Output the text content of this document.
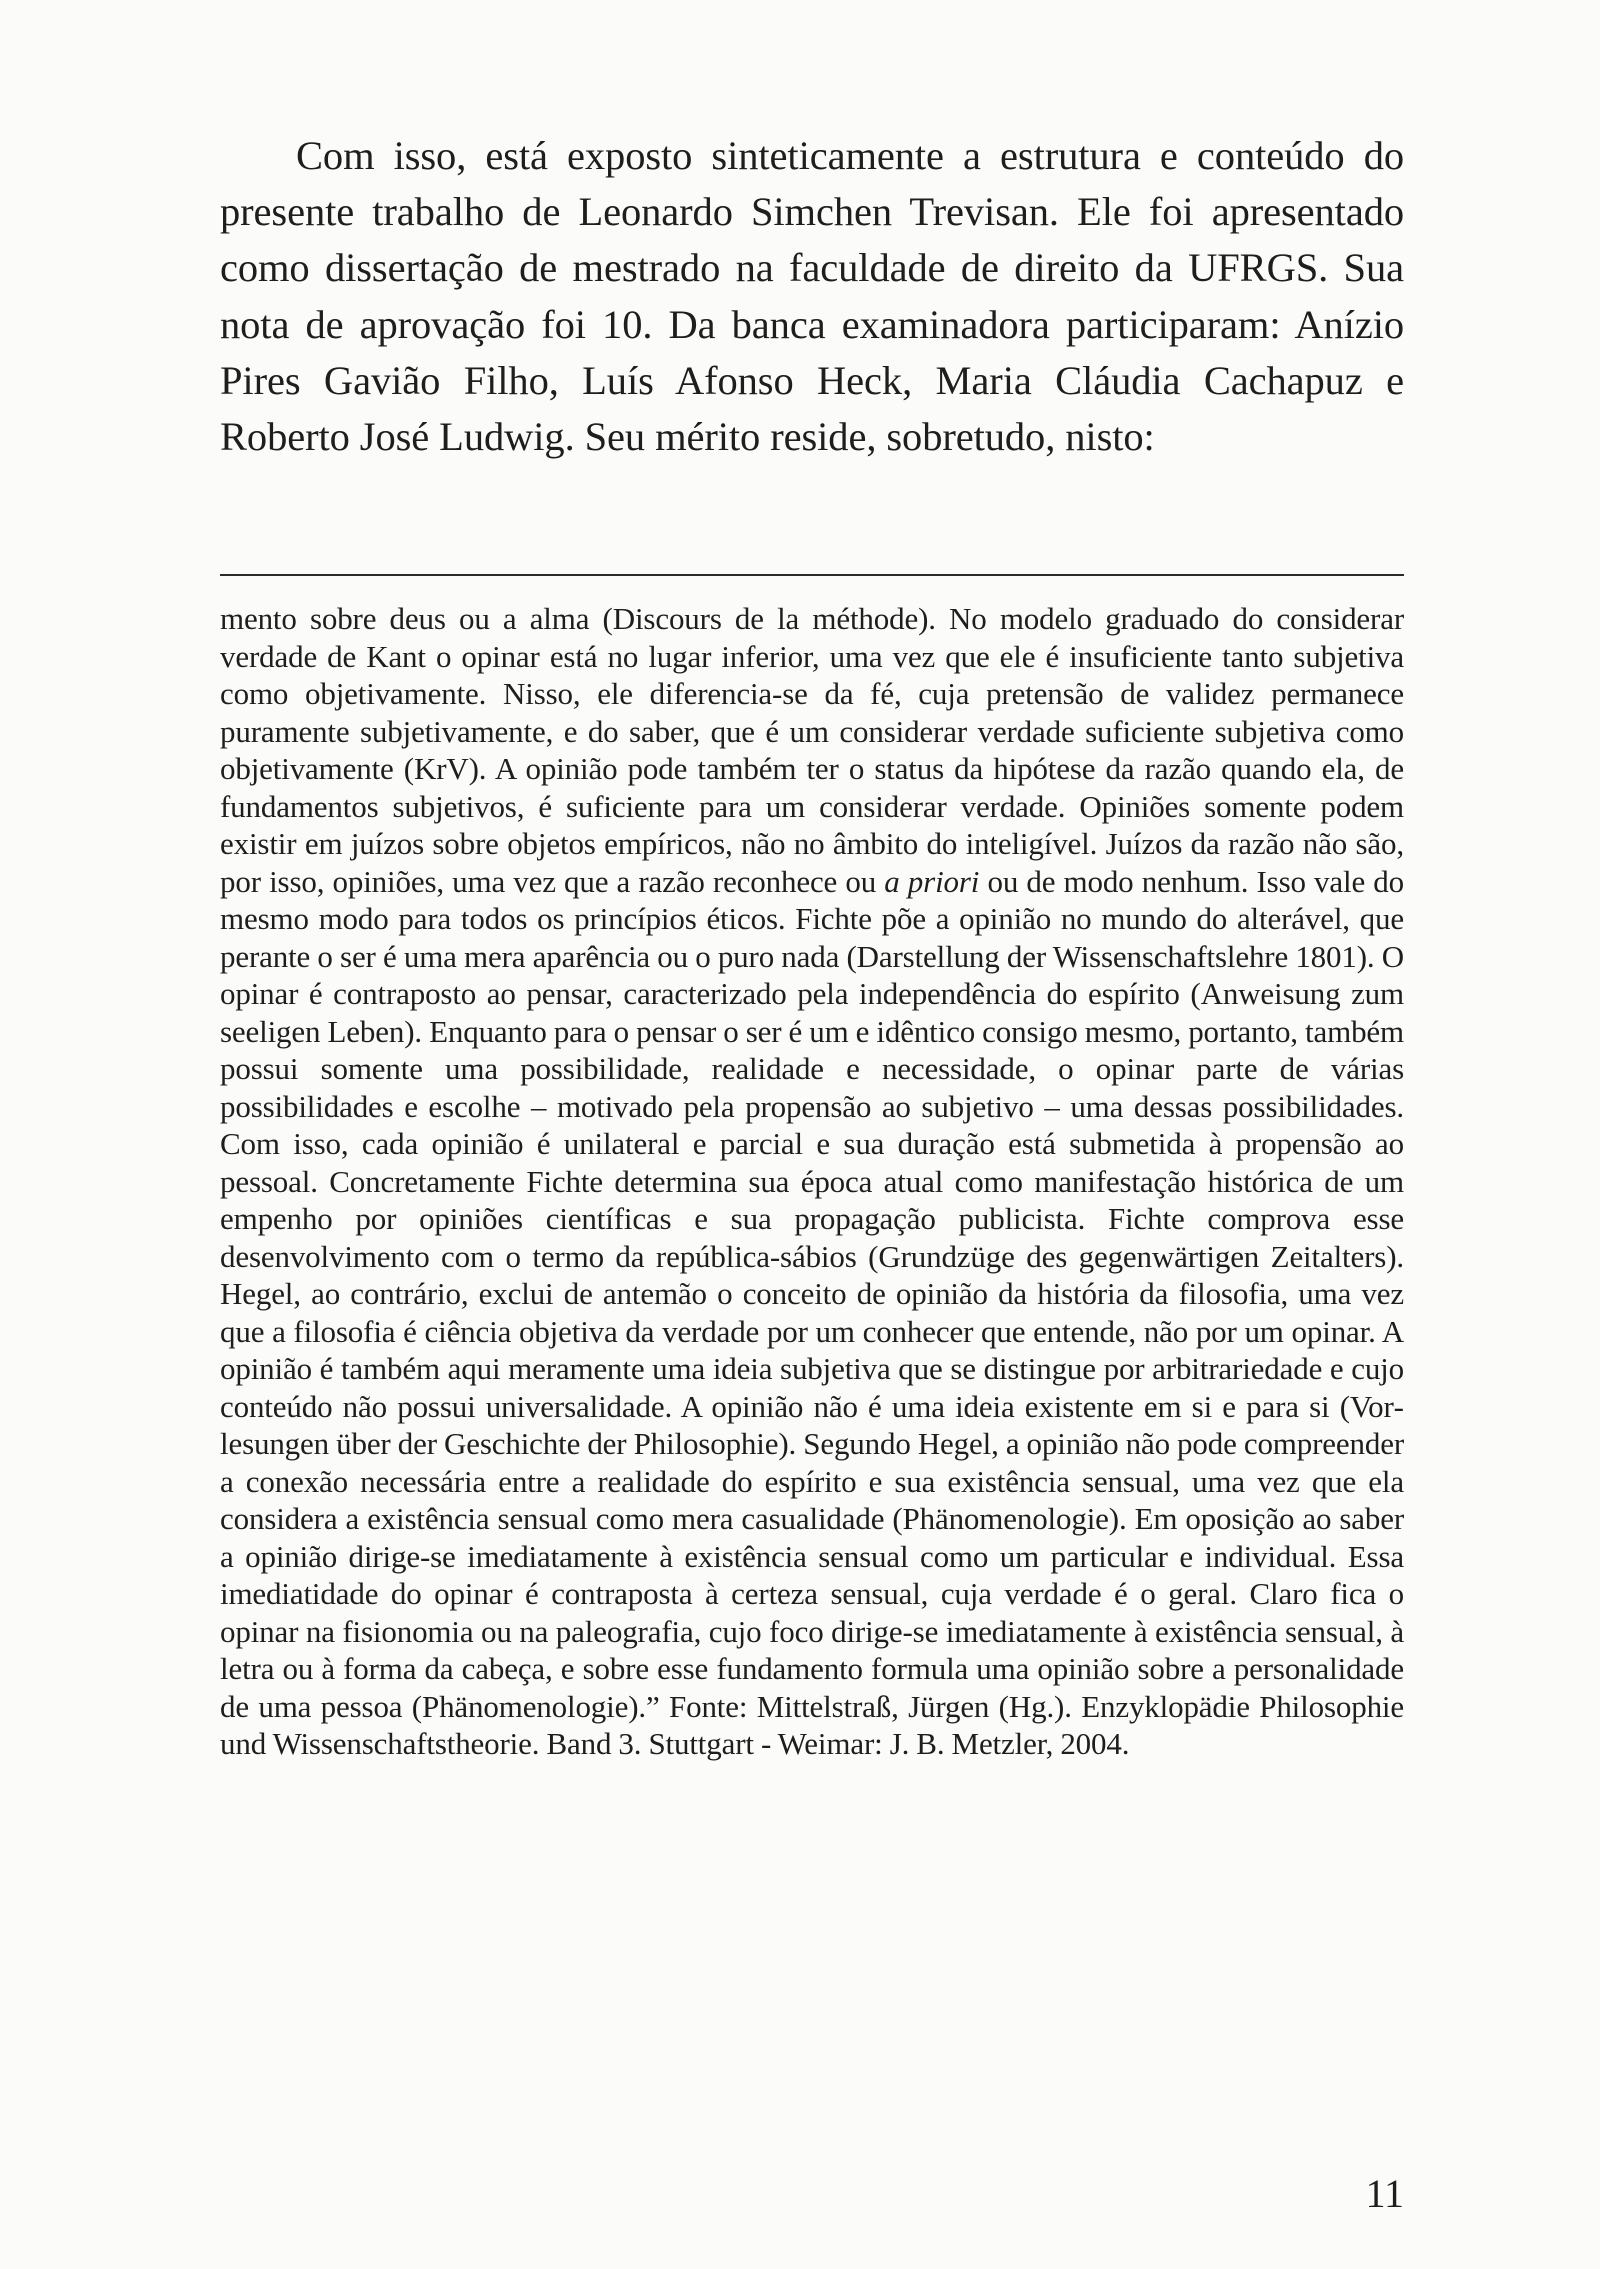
Com isso, está exposto sinteticamente a estrutura e conteúdo do presente trabalho de Leonardo Simchen Trevisan. Ele foi apresentado como dissertação de mestrado na faculdade de direito da UFRGS. Sua nota de aprovação foi 10. Da banca examinadora participaram: Anízio Pires Gavião Filho, Luís Afonso Heck, Maria Cláudia Cachapuz e Roberto José Ludwig. Seu mérito reside, sobretudo, nisto:

mento sobre deus ou a alma (Discours de la méthode). No modelo graduado do considerar verdade de Kant o opinar está no lugar inferior, uma vez que ele é insuficiente tanto subjetiva como objetivamente. Nisso, ele diferencia-se da fé, cuja pretensão de validez permanece puramente subjetivamente, e do saber, que é um considerar verdade suficiente subjetiva como objetivamente (KrV). A opinião pode também ter o status da hipótese da razão quando ela, de fundamentos subjetivos, é suficiente para um considerar verdade. Opiniões somente podem existir em juízos sobre objetos empíricos, não no âmbito do inteligível. Juízos da razão não são, por isso, opiniões, uma vez que a razão reconhece ou a priori ou de modo nenhum. Isso vale do mesmo modo para todos os princípios éticos. Fichte põe a opinião no mundo do alterável, que perante o ser é uma mera aparência ou o puro nada (Darstellung der Wissenschaftslehre 1801). O opinar é contraposto ao pensar, caracterizado pela independência do espírito (Anweisung zum seeligen Leben). Enquanto para o pensar o ser é um e idêntico consigo mesmo, portanto, também possui somente uma possibilidade, realidade e necessidade, o opinar parte de várias possibilidades e escolhe – motivado pela propensão ao subjetivo – uma dessas possibilidades. Com isso, cada opinião é unilateral e parcial e sua duração está submetida à propensão ao pessoal. Concretamente Fichte determina sua época atual como manifestação histórica de um empenho por opiniões científicas e sua propagação publicista. Fichte comprova esse desenvolvimento com o termo da república-sábios (Grundzüge des gegenwärtigen Zeitalters). Hegel, ao contrário, exclui de antemão o conceito de opinião da história da filosofia, uma vez que a filosofia é ciência objetiva da verdade por um conhecer que entende, não por um opinar. A opinião é também aqui meramente uma ideia subjetiva que se distingue por arbitrariedade e cujo conteúdo não possui universalidade. A opinião não é uma ideia existente em si e para si (Vorlesungen über der Geschichte der Philosophie). Segundo Hegel, a opinião não pode compreender a conexão necessária entre a realidade do espírito e sua existência sensual, uma vez que ela considera a existência sensual como mera casualidade (Phänomenologie). Em oposição ao saber a opinião dirige-se imediatamente à existência sensual como um particular e individual. Essa imediatidade do opinar é contraposta à certeza sensual, cuja verdade é o geral. Claro fica o opinar na fisionomia ou na paleografia, cujo foco dirige-se imediatamente à existência sensual, à letra ou à forma da cabeça, e sobre esse fundamento formula uma opinião sobre a personalidade de uma pessoa (Phänomenologie).” Fonte: Mittelstraß, Jürgen (Hg.). Enzyklopädie Philosophie und Wissenschaftstheorie. Band 3. Stuttgart - Weimar: J. B. Metzler, 2004.

11
